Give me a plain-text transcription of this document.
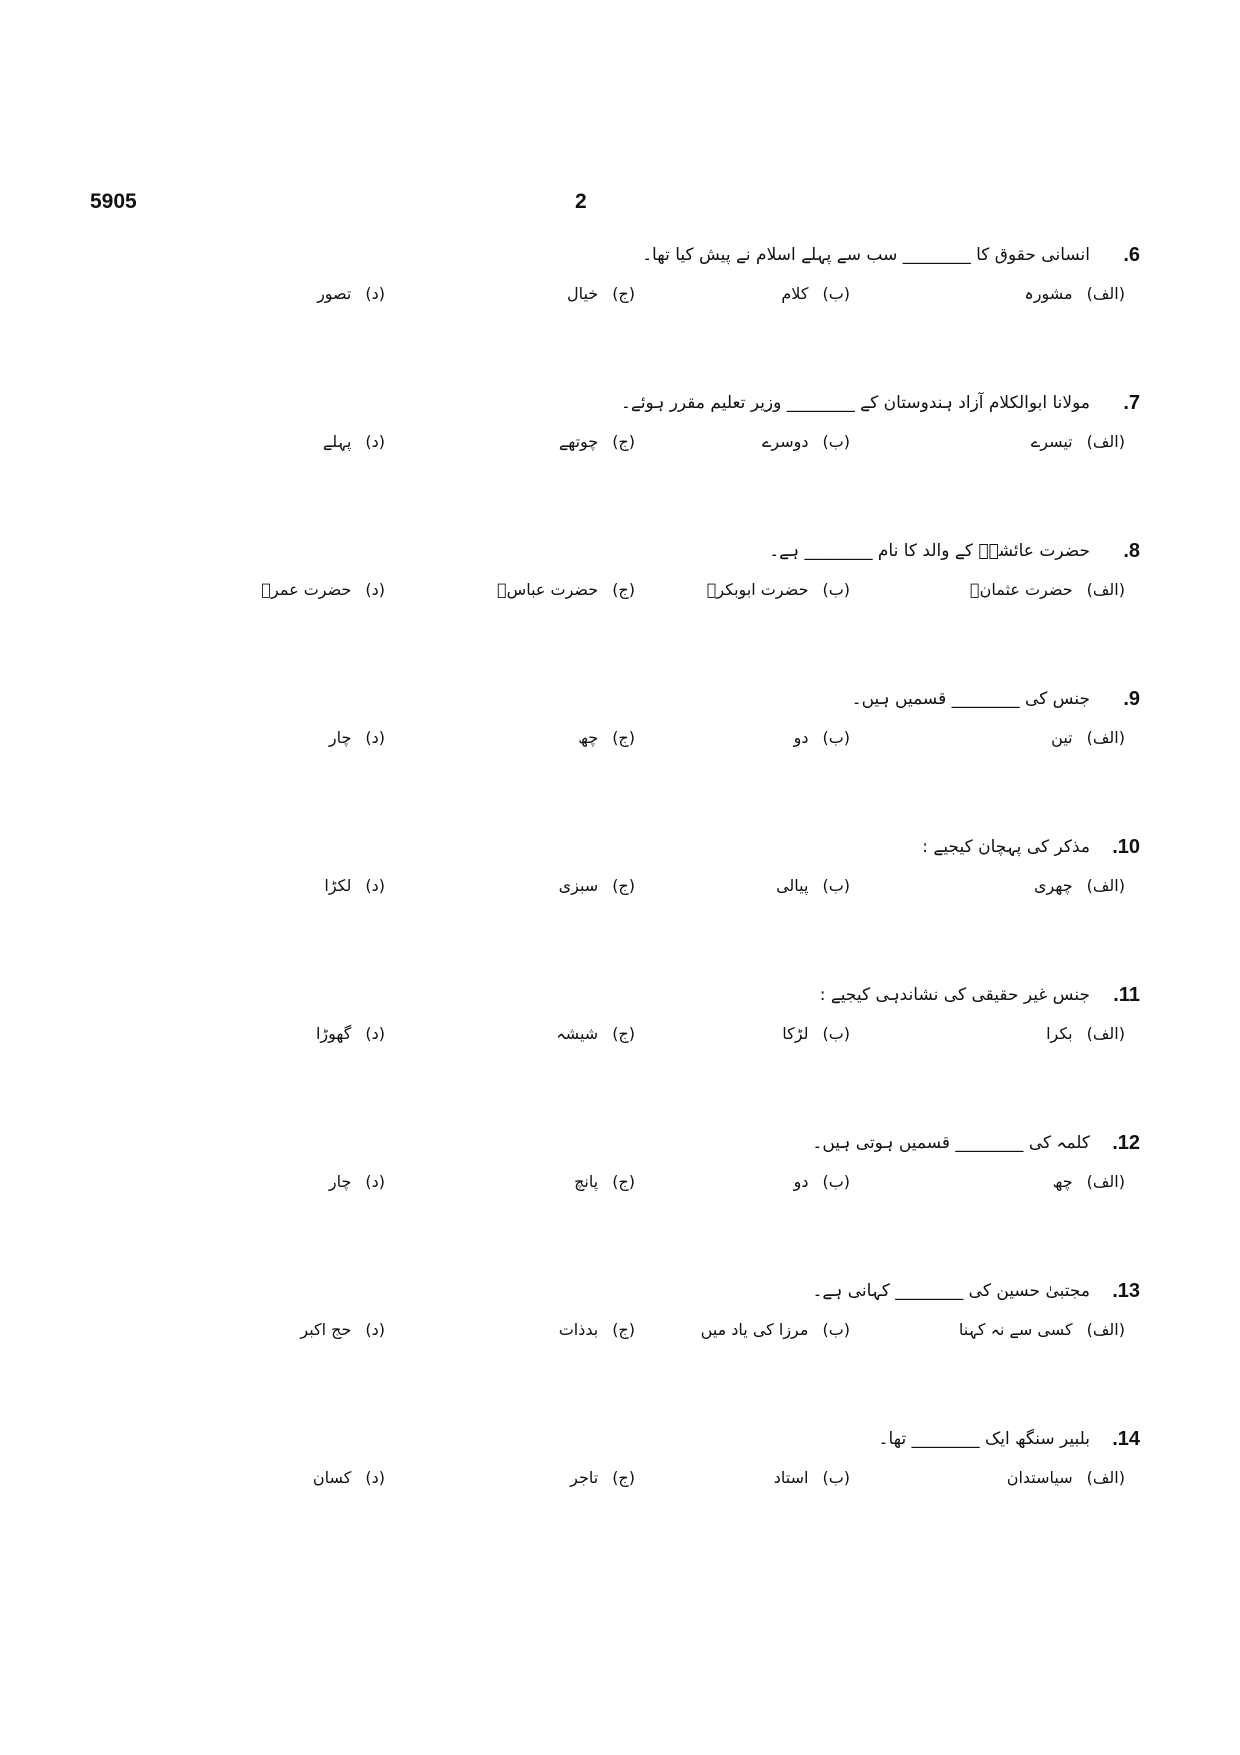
5905	2
.6
انسانی حقوق کا ________ سب سے پہلے اسلام نے پیش کیا تھا۔
(الف)مشورہ
(ب)کلام
(ج)خیال
(د)تصور
.7
مولانا ابوالکلام آزاد ہندوستان کے ________ وزیر تعلیم مقرر ہوئے۔
(الف)تیسرے
(ب)دوسرے
(ج)چوتھے
(د)پہلے
.8
حضرت عائشہؓ کے والد کا نام ________ ہے۔
(الف)حضرت عثمانؓ
(ب)حضرت ابوبکرؓ
(ج)حضرت عباسؓ
(د)حضرت عمرؓ
.9
جنس کی ________ قسمیں ہیں۔
(الف)تین
(ب)دو
(ج)چھ
(د)چار
.10
مذکر کی پہچان کیجیے :
(الف)چھری
(ب)پیالی
(ج)سبزی
(د)لکڑا
.11
جنس غیر حقیقی کی نشاندہی کیجیے :
(الف)بکرا
(ب)لڑکا
(ج)شیشہ
(د)گھوڑا
.12
کلمہ کی ________ قسمیں ہوتی ہیں۔
(الف)چھ
(ب)دو
(ج)پانچ
(د)چار
.13
مجتبیٰ حسین کی ________ کہانی ہے۔
(الف)کسی سے نہ کہنا
(ب)مرزا کی یاد میں
(ج)بدذات
(د)حج اکبر
.14
بلبیر سنگھ ایک ________ تھا۔
(الف)سیاستدان
(ب)استاد
(ج)تاجر
(د)کسان
